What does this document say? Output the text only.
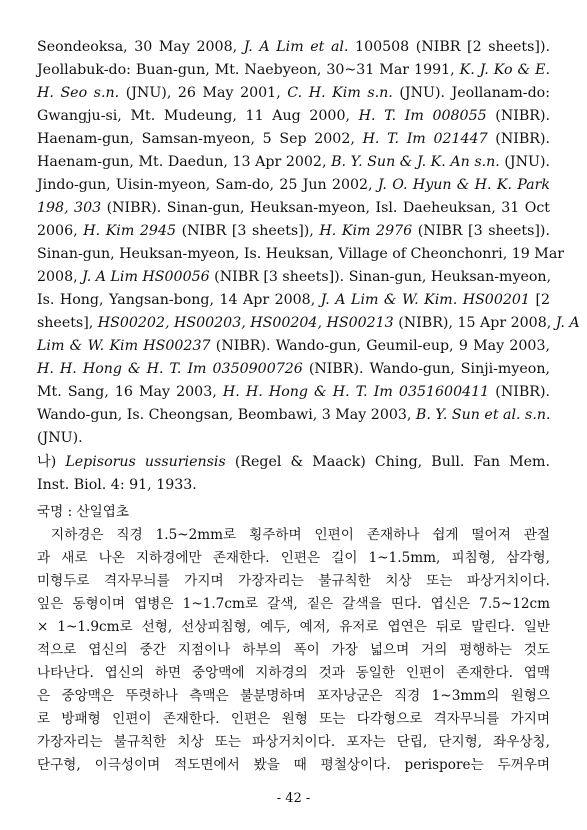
Seondeoksa, 30 May 2008, J. A Lim et al. 100508 (NIBR [2 sheets]).
Jeollabuk-do: Buan-gun, Mt. Naebyeon, 30~31 Mar 1991, K. J. Ko & E.
H. Seo s.n. (JNU), 26 May 2001, C. H. Kim s.n. (JNU). Jeollanam-do:
Gwangju-si, Mt. Mudeung, 11 Aug 2000, H. T. Im 008055 (NIBR).
Haenam-gun, Samsan-myeon, 5 Sep 2002, H. T. Im 021447 (NIBR).
Haenam-gun, Mt. Daedun, 13 Apr 2002, B. Y. Sun & J. K. An s.n. (JNU).
Jindo-gun, Uisin-myeon, Sam-do, 25 Jun 2002, J. O. Hyun & H. K. Park
198, 303 (NIBR). Sinan-gun, Heuksan-myeon, Isl. Daeheuksan, 31 Oct
2006, H. Kim 2945 (NIBR [3 sheets]), H. Kim 2976 (NIBR [3 sheets]).
Sinan-gun, Heuksan-myeon, Is. Heuksan, Village of Cheonchonri, 19 Mar
2008, J. A Lim HS00056 (NIBR [3 sheets]). Sinan-gun, Heuksan-myeon,
Is. Hong, Yangsan-bong, 14 Apr 2008, J. A Lim & W. Kim. HS00201 [2
sheets], HS00202, HS00203, HS00204, HS00213 (NIBR), 15 Apr 2008, J. A
Lim & W. Kim HS00237 (NIBR). Wando-gun, Geumil-eup, 9 May 2003,
H. H. Hong & H. T. Im 0350900726 (NIBR). Wando-gun, Sinji-myeon,
Mt. Sang, 16 May 2003, H. H. Hong & H. T. Im 0351600411 (NIBR).
Wando-gun, Is. Cheongsan, Beombawi, 3 May 2003, B. Y. Sun et al. s.n.
(JNU).
나) Lepisorus ussuriensis (Regel & Maack) Ching, Bull. Fan Mem.
Inst. Biol. 4: 91, 1933.
국명 : 산일엽초
지하경은 직경 1.5~2mm로 횡주하며 인편이 존재하나 쉽게 떨어져 관절
과 새로 나온 지하경에만 존재한다. 인편은 길이 1~1.5mm, 피침형, 삼각형,
미형두로 격자무늬를 가지며 가장자리는 불규칙한 치상 또는 파상거치이다.
잎은 동형이며 엽병은 1~1.7cm로 갈색, 짙은 갈색을 띤다. 엽신은 7.5~12cm
× 1~1.9cm로 선형, 선상피침형, 예두, 예저, 유저로 엽연은 뒤로 말린다. 일반
적으로 엽신의 중간 지점이나 하부의 폭이 가장 넓으며 거의 평행하는 것도
나타난다. 엽신의 하면 중앙맥에 지하경의 것과 동일한 인편이 존재한다. 엽맥
은 중앙맥은 뚜렷하나 측맥은 불분명하며 포자낭군은 직경 1~3mm의 원형으
로 방패형 인편이 존재한다. 인편은 원형 또는 다각형으로 격자무늬를 가지며
가장자리는 불규칙한 치상 또는 파상거치이다. 포자는 단립, 단지형, 좌우상칭,
단구형, 이극성이며 적도면에서 봤을 때 평철상이다. perispore는 두꺼우며
- 42 -
